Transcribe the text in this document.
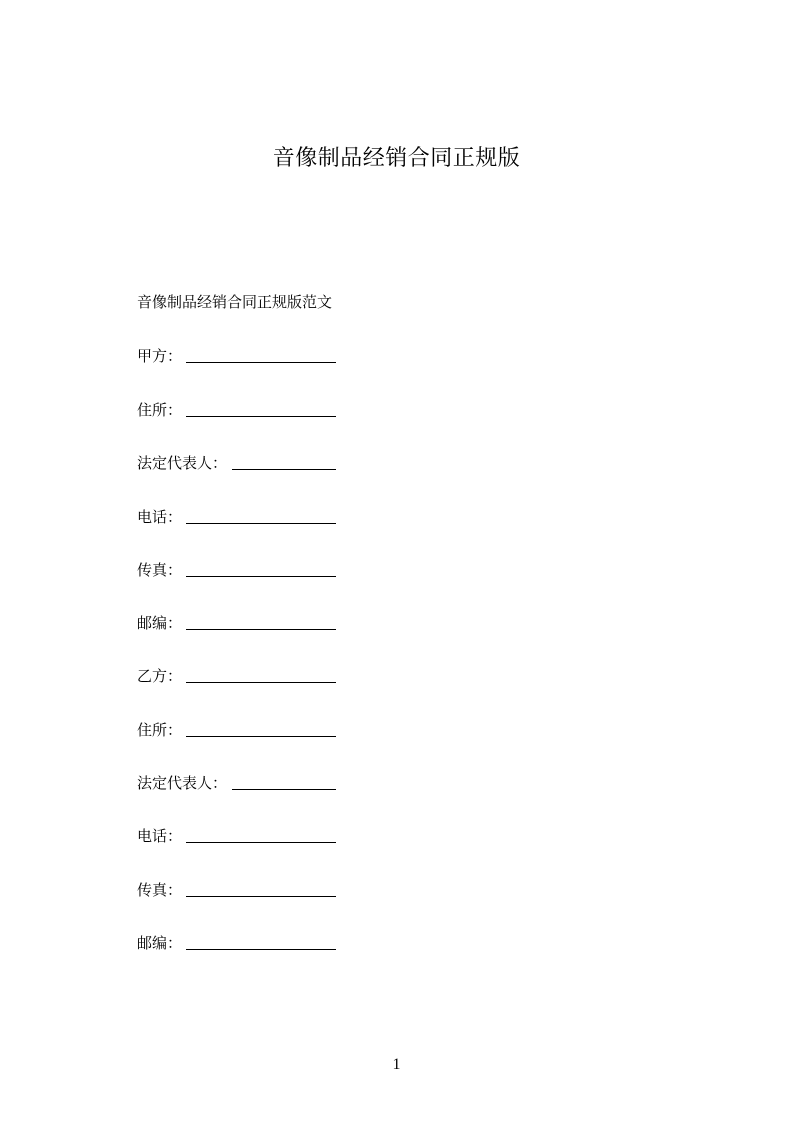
音像制品经销合同正规版
音像制品经销合同正规版范文
甲方：
住所：
法定代表人：
电话：
传真：
邮编：
乙方：
住所：
法定代表人：
电话：
传真：
邮编：
1
